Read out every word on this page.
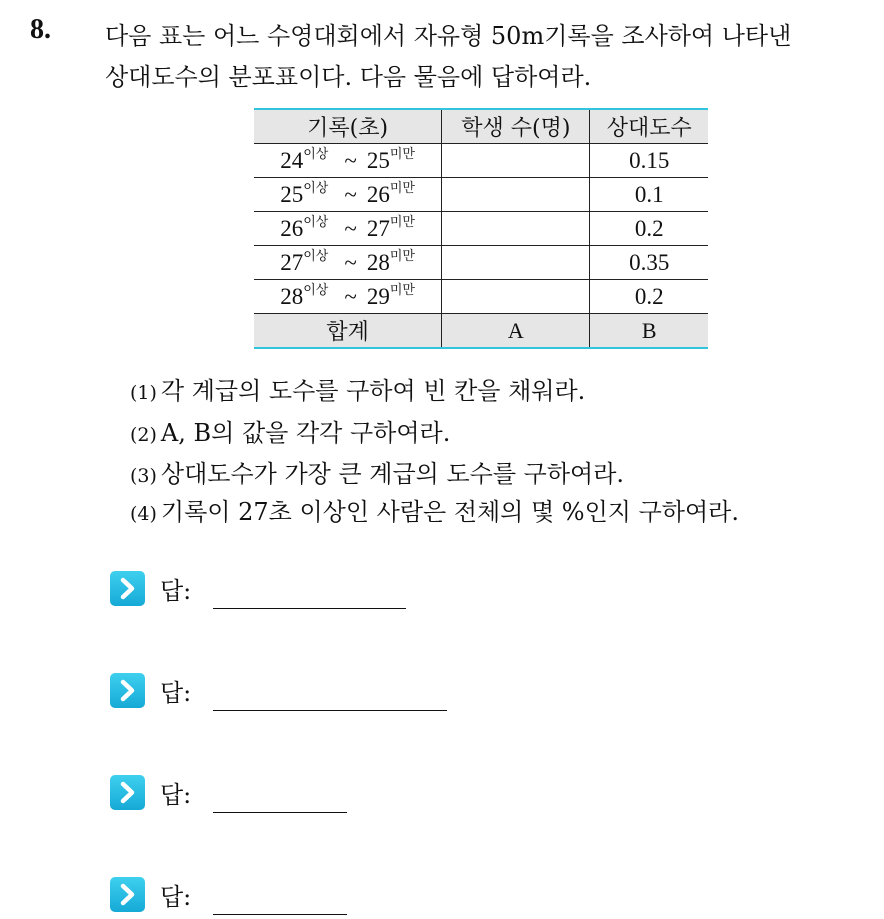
8. 다음 표는 어느 수영대회에서 자유형 50m기록을 조사하여 나타낸
상대도수의 분포표이다. 다음 물음에 답하여라.
기록(초)	학생 수(명)	상대도수
$24^{이상}$ ~ $25^{미만}$		0.15
$25^{이상}$ ~ $26^{미만}$		0.1
$26^{이상}$ ~ $27^{미만}$		0.2
$27^{이상}$ ~ $28^{미만}$		0.35
$28^{이상}$ ~ $29^{미만}$		0.2
합계	A	B
(1) 각 계급의 도수를 구하여 빈 칸을 채워라.
(2) A, B의 값을 각각 구하여라.
(3) 상대도수가 가장 큰 계급의 도수를 구하여라.
(4) 기록이 27초 이상인 사람은 전체의 몇 %인지 구하여라.
답:
답:
답:
답:
